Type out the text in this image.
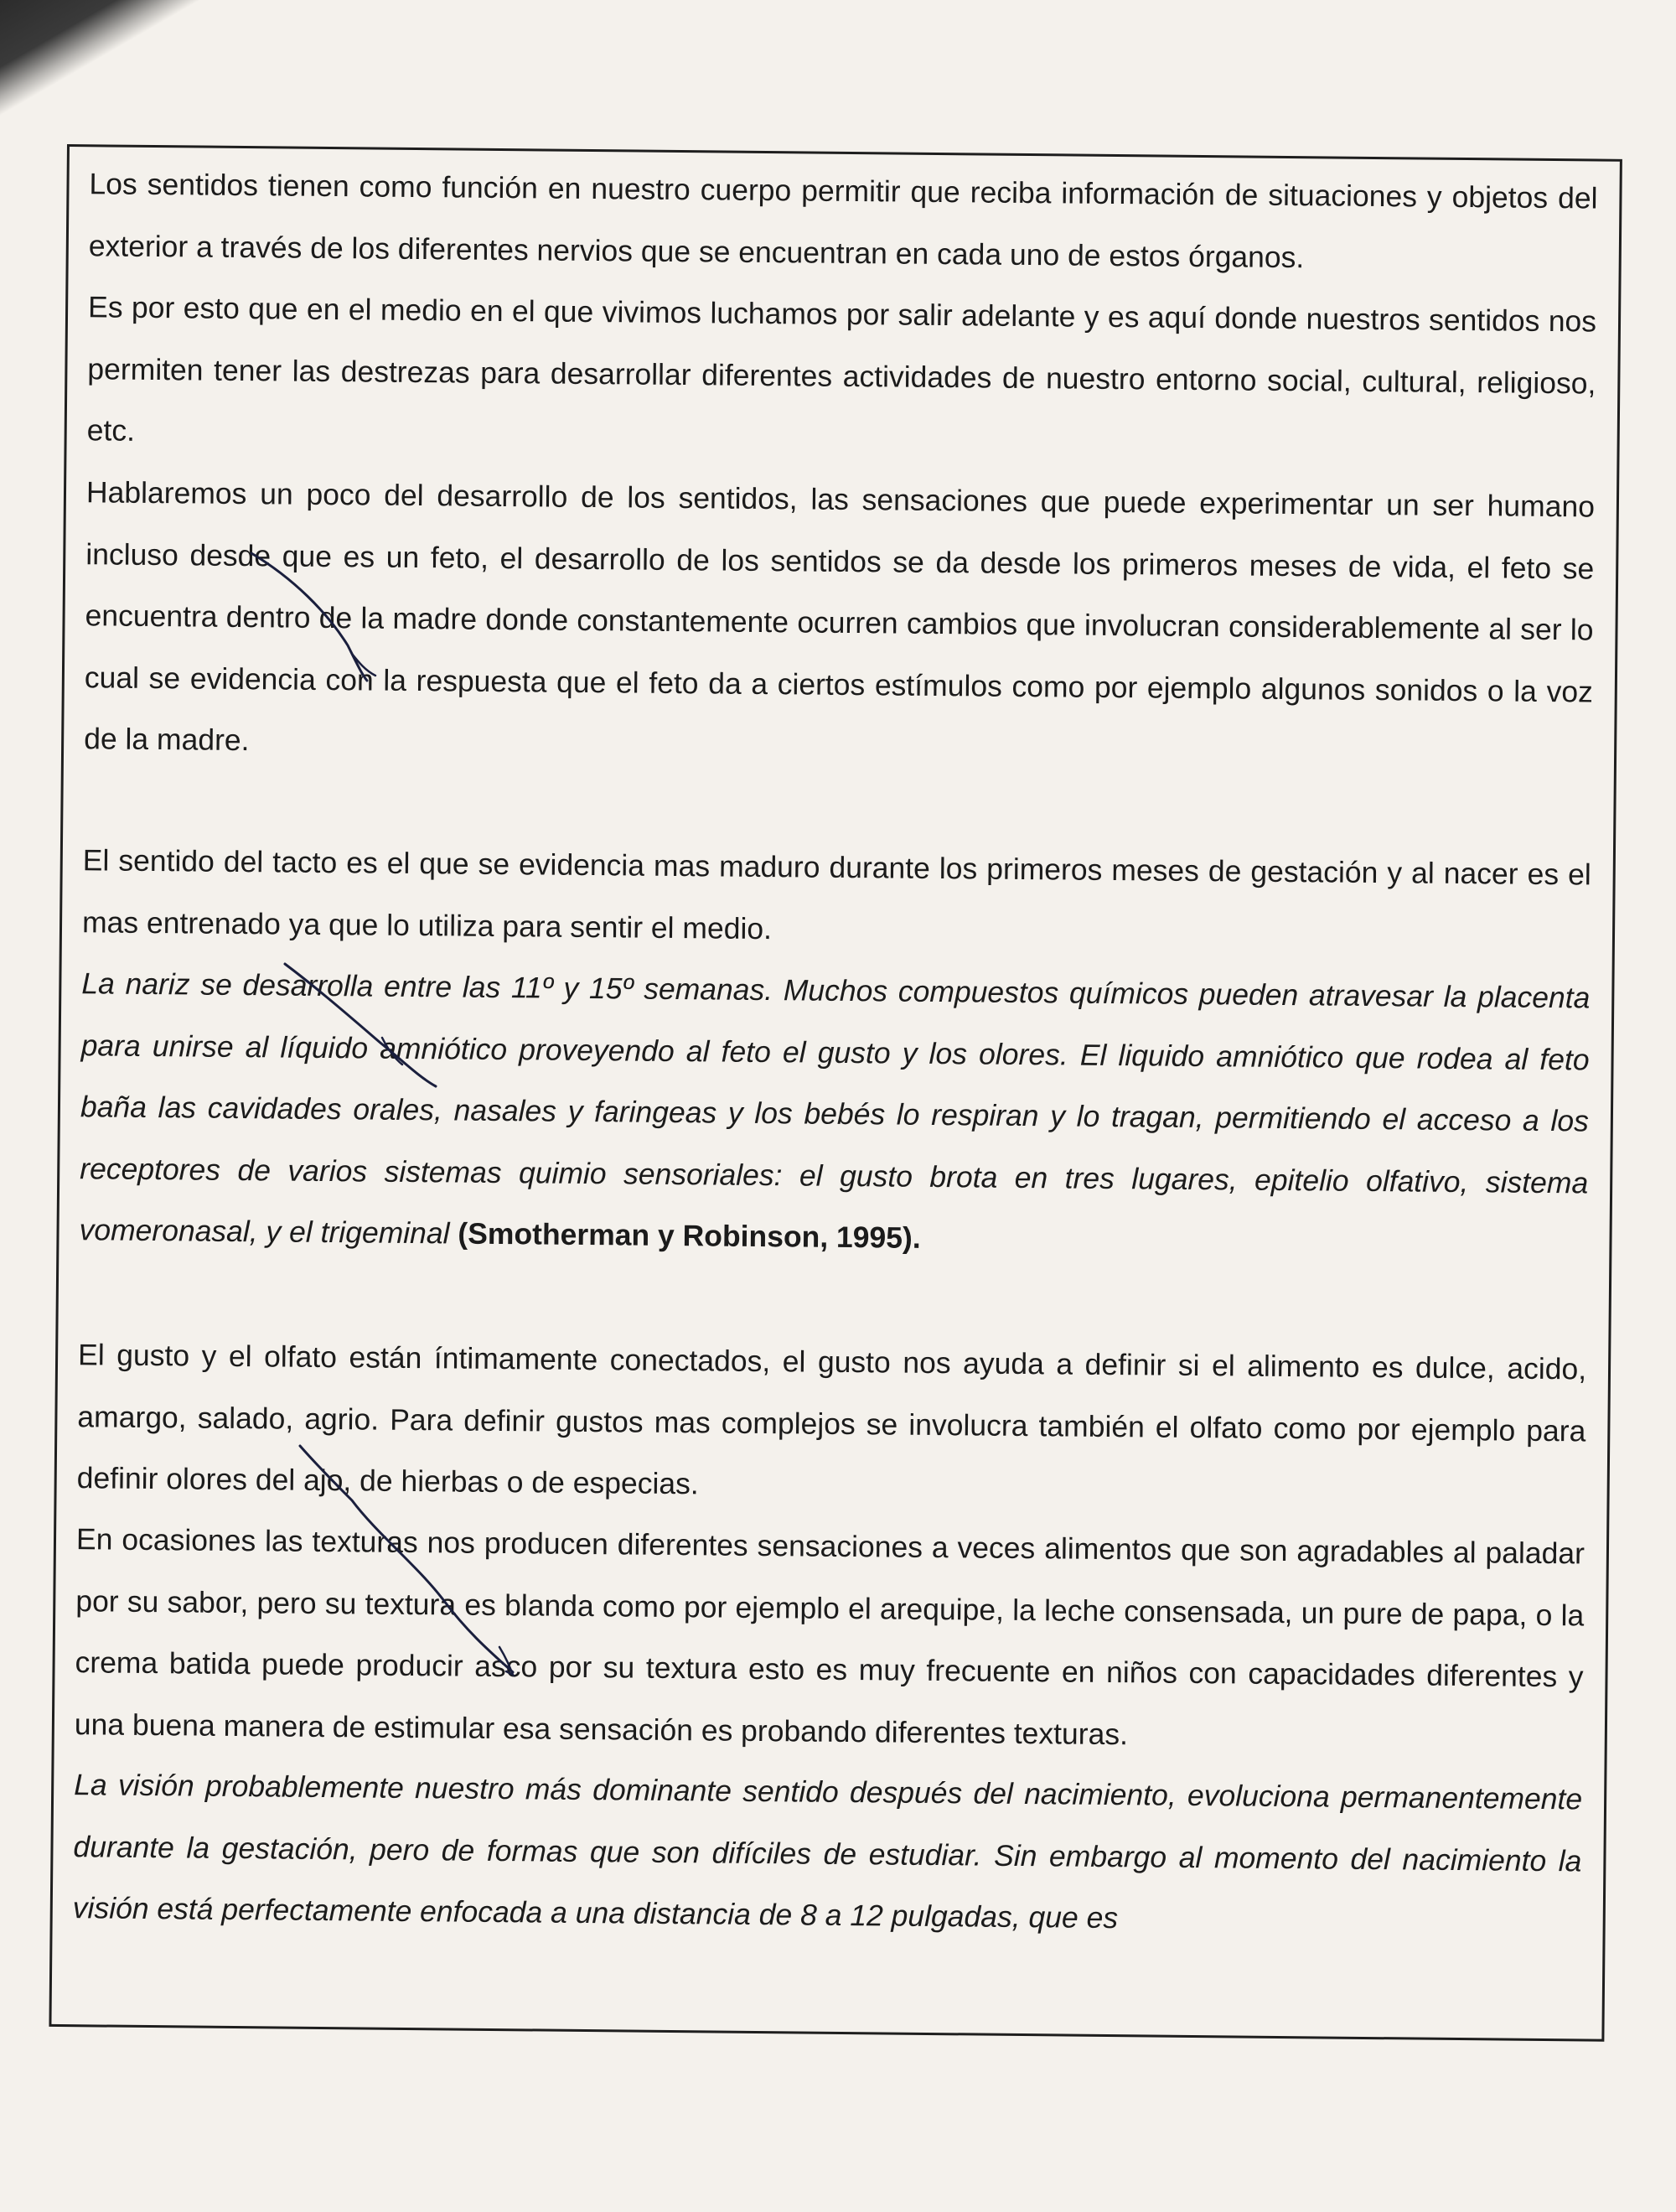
Los sentidos tienen como función en nuestro cuerpo permitir que reciba información de situaciones y objetos del exterior a través de los diferentes nervios que se encuentran en cada uno de estos órganos.

Es por esto que en el medio en el que vivimos luchamos por salir adelante y es aquí donde nuestros sentidos nos permiten tener las destrezas para desarrollar diferentes actividades de nuestro entorno social, cultural, religioso, etc.

Hablaremos un poco del desarrollo de los sentidos, las sensaciones que puede experimentar un ser humano incluso desde que es un feto, el desarrollo de los sentidos se da desde los primeros meses de vida, el feto se encuentra dentro de la madre donde constantemente ocurren cambios que involucran considerablemente al ser lo cual se evidencia con la respuesta que el feto da a ciertos estímulos como por ejemplo algunos sonidos o la voz de la madre.

El sentido del tacto es el que se evidencia mas maduro durante los primeros meses de gestación y al nacer es el mas entrenado ya que lo utiliza para sentir el medio.

La nariz se desarrolla entre las 11º y 15º semanas. Muchos compuestos químicos pueden atravesar la placenta para unirse al líquido amniótico proveyendo al feto el gusto y los olores. El liquido amniótico que rodea al feto baña las cavidades orales, nasales y faringeas y los bebés lo respiran y lo tragan, permitiendo el acceso a los receptores de varios sistemas quimio sensoriales: el gusto brota en tres lugares, epitelio olfativo, sistema vomeronasal, y el trigeminal (Smotherman y Robinson, 1995).

El gusto y el olfato están íntimamente conectados, el gusto nos ayuda a definir si el alimento es dulce, acido, amargo, salado, agrio. Para definir gustos mas complejos se involucra también el olfato como por ejemplo para definir olores del ajo, de hierbas o de especias.

En ocasiones las texturas nos producen diferentes sensaciones a veces alimentos que son agradables al paladar por su sabor, pero su textura es blanda como por ejemplo el arequipe, la leche consensada, un pure de papa, o la crema batida puede producir asco por su textura esto es muy frecuente en niños con capacidades diferentes y una buena manera de estimular esa sensación es probando diferentes texturas.

La visión probablemente nuestro más dominante sentido después del nacimiento, evoluciona permanentemente durante la gestación, pero de formas que son difíciles de estudiar. Sin embargo al momento del nacimiento la visión está perfectamente enfocada a una distancia de 8 a 12 pulgadas, que es
